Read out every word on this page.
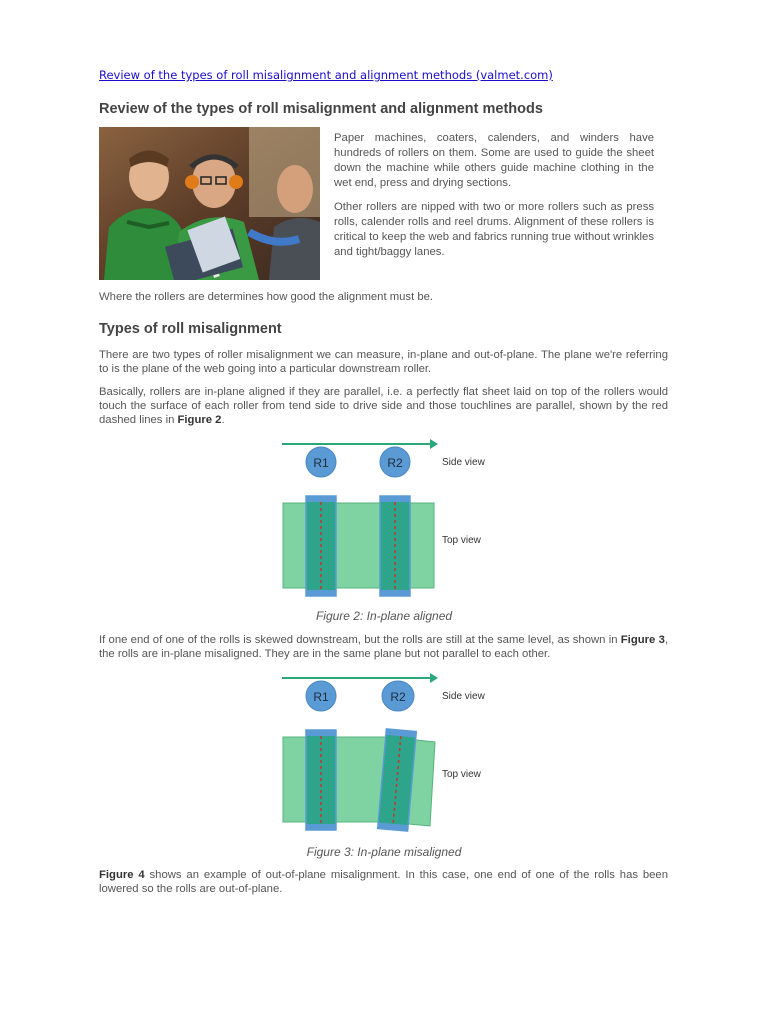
Review of the types of roll misalignment and alignment methods (valmet.com)
Review of the types of roll misalignment and alignment methods

Paper machines, coaters, calenders, and winders have hundreds of rollers on them. Some are used to guide the sheet down the machine while others guide machine clothing in the wet end, press and drying sections.

Other rollers are nipped with two or more rollers such as press rolls, calender rolls and reel drums. Alignment of these rollers is critical to keep the web and fabrics running true without wrinkles and tight/baggy lanes.

Where the rollers are determines how good the alignment must be.
Types of roll misalignment
There are two types of roller misalignment we can measure, in-plane and out-of-plane. The plane we're referring to is the plane of the web going into a particular downstream roller.
Basically, rollers are in-plane aligned if they are parallel, i.e. a perfectly flat sheet laid on top of the rollers would touch the surface of each roller from tend side to drive side and those touchlines are parallel, shown by the red dashed lines in Figure 2.
R1	R2	Side view
Top view
Figure 2: In-plane aligned
If one end of one of the rolls is skewed downstream, but the rolls are still at the same level, as shown in Figure 3, the rolls are in-plane misaligned. They are in the same plane but not parallel to each other.
R1	R2	Side view
Top view
Figure 3: In-plane misaligned
Figure 4 shows an example of out-of-plane misalignment. In this case, one end of one of the rolls has been lowered so the rolls are out-of-plane.
